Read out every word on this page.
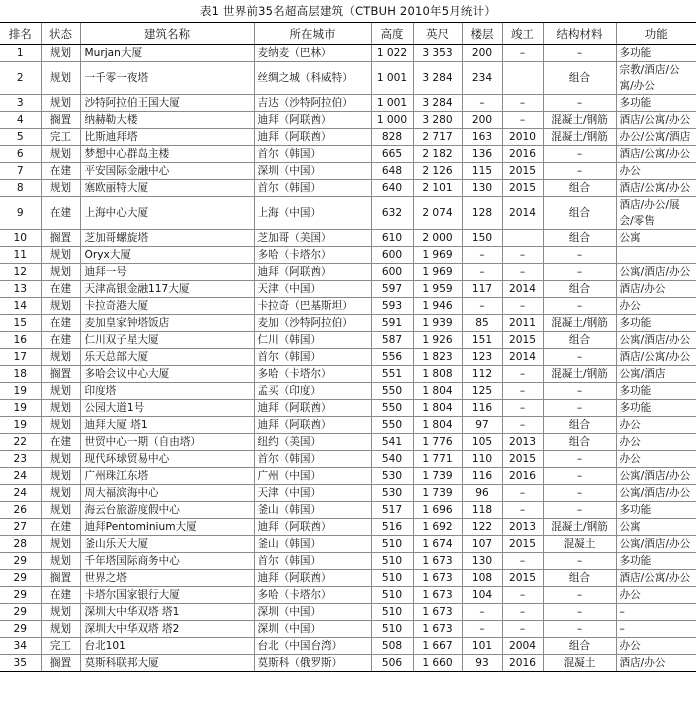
表1 世界前35名超高层建筑（CTBUH 2010年5月统计）
排名	状态	建筑名称	所在城市	高度	英尺	楼层	竣工	结构材料	功能
1	规划	Murjan大厦	麦纳麦（巴林）	1 022	3 353	200	–	–	多功能
2	规划	一千零一夜塔	丝绸之城（科威特）	1 001	3 284	234		组合	宗教/酒店/公寓/办公
3	规划	沙特阿拉伯王国大厦	吉达（沙特阿拉伯）	1 001	3 284	–	–	–	多功能
4	搁置	纳赫勒大楼	迪拜（阿联酋）	1 000	3 280	200	–	混凝土/钢筋	酒店/公寓/办公
5	完工	比斯迪拜塔	迪拜（阿联酋）	828	2 717	163	2010	混凝土/钢筋	办公/公寓/酒店
6	规划	梦想中心群岛主楼	首尔（韩国）	665	2 182	136	2016	–	酒店/公寓/办公
7	在建	平安国际金融中心	深圳（中国）	648	2 126	115	2015	–	办公
8	规划	塞欧丽特大厦	首尔（韩国）	640	2 101	130	2015	组合	酒店/公寓/办公
9	在建	上海中心大厦	上海（中国）	632	2 074	128	2014	组合	酒店/办公/展会/零售
10	搁置	芝加哥螺旋塔	芝加哥（美国）	610	2 000	150		组合	公寓
11	规划	Oryx大厦	多哈（卡塔尔）	600	1 969	–	–	–	
12	规划	迪拜一号	迪拜（阿联酋）	600	1 969	–	–	–	公寓/酒店/办公
13	在建	天津高银金融117大厦	天津（中国）	597	1 959	117	2014	组合	酒店/办公
14	规划	卡拉奇港大厦	卡拉奇（巴基斯坦）	593	1 946	–	–	–	办公
15	在建	麦加皇家钟塔饭店	麦加（沙特阿拉伯）	591	1 939	85	2011	混凝土/钢筋	多功能
16	在建	仁川双子星大厦	仁川（韩国）	587	1 926	151	2015	组合	公寓/酒店/办公
17	规划	乐天总部大厦	首尔（韩国）	556	1 823	123	2014	–	酒店/公寓/办公
18	搁置	多哈会议中心大厦	多哈（卡塔尔）	551	1 808	112	–	混凝土/钢筋	公寓/酒店
19	规划	印度塔	孟买（印度）	550	1 804	125	–	–	多功能
19	规划	公园大道1号	迪拜（阿联酋）	550	1 804	116	–	–	多功能
19	规划	迪拜大厦 塔1	迪拜（阿联酋）	550	1 804	97	–	组合	办公
22	在建	世贸中心一期（自由塔）	纽约（美国）	541	1 776	105	2013	组合	办公
23	规划	现代环球贸易中心	首尔（韩国）	540	1 771	110	2015	–	办公
24	规划	广州珠江东塔	广州（中国）	530	1 739	116	2016	–	公寓/酒店/办公
24	规划	周大福滨海中心	天津（中国）	530	1 739	96	–	–	公寓/酒店/办公
26	规划	海云台旅游度假中心	釜山（韩国）	517	1 696	118	–	–	多功能
27	在建	迪拜Pentominium大厦	迪拜（阿联酋）	516	1 692	122	2013	混凝土/钢筋	公寓
28	规划	釜山乐天大厦	釜山（韩国）	510	1 674	107	2015	混凝土	公寓/酒店/办公
29	规划	千年塔国际商务中心	首尔（韩国）	510	1 673	130	–	–	多功能
29	搁置	世界之塔	迪拜（阿联酋）	510	1 673	108	2015	组合	酒店/公寓/办公
29	在建	卡塔尔国家银行大厦	多哈（卡塔尔）	510	1 673	104	–	–	办公
29	规划	深圳大中华双塔 塔1	深圳（中国）	510	1 673	–	–	–	–
29	规划	深圳大中华双塔 塔2	深圳（中国）	510	1 673	–	–	–	–
34	完工	台北101	台北（中国台湾）	508	1 667	101	2004	组合	办公
35	搁置	莫斯科联邦大厦	莫斯科（俄罗斯）	506	1 660	93	2016	混凝土	酒店/办公
